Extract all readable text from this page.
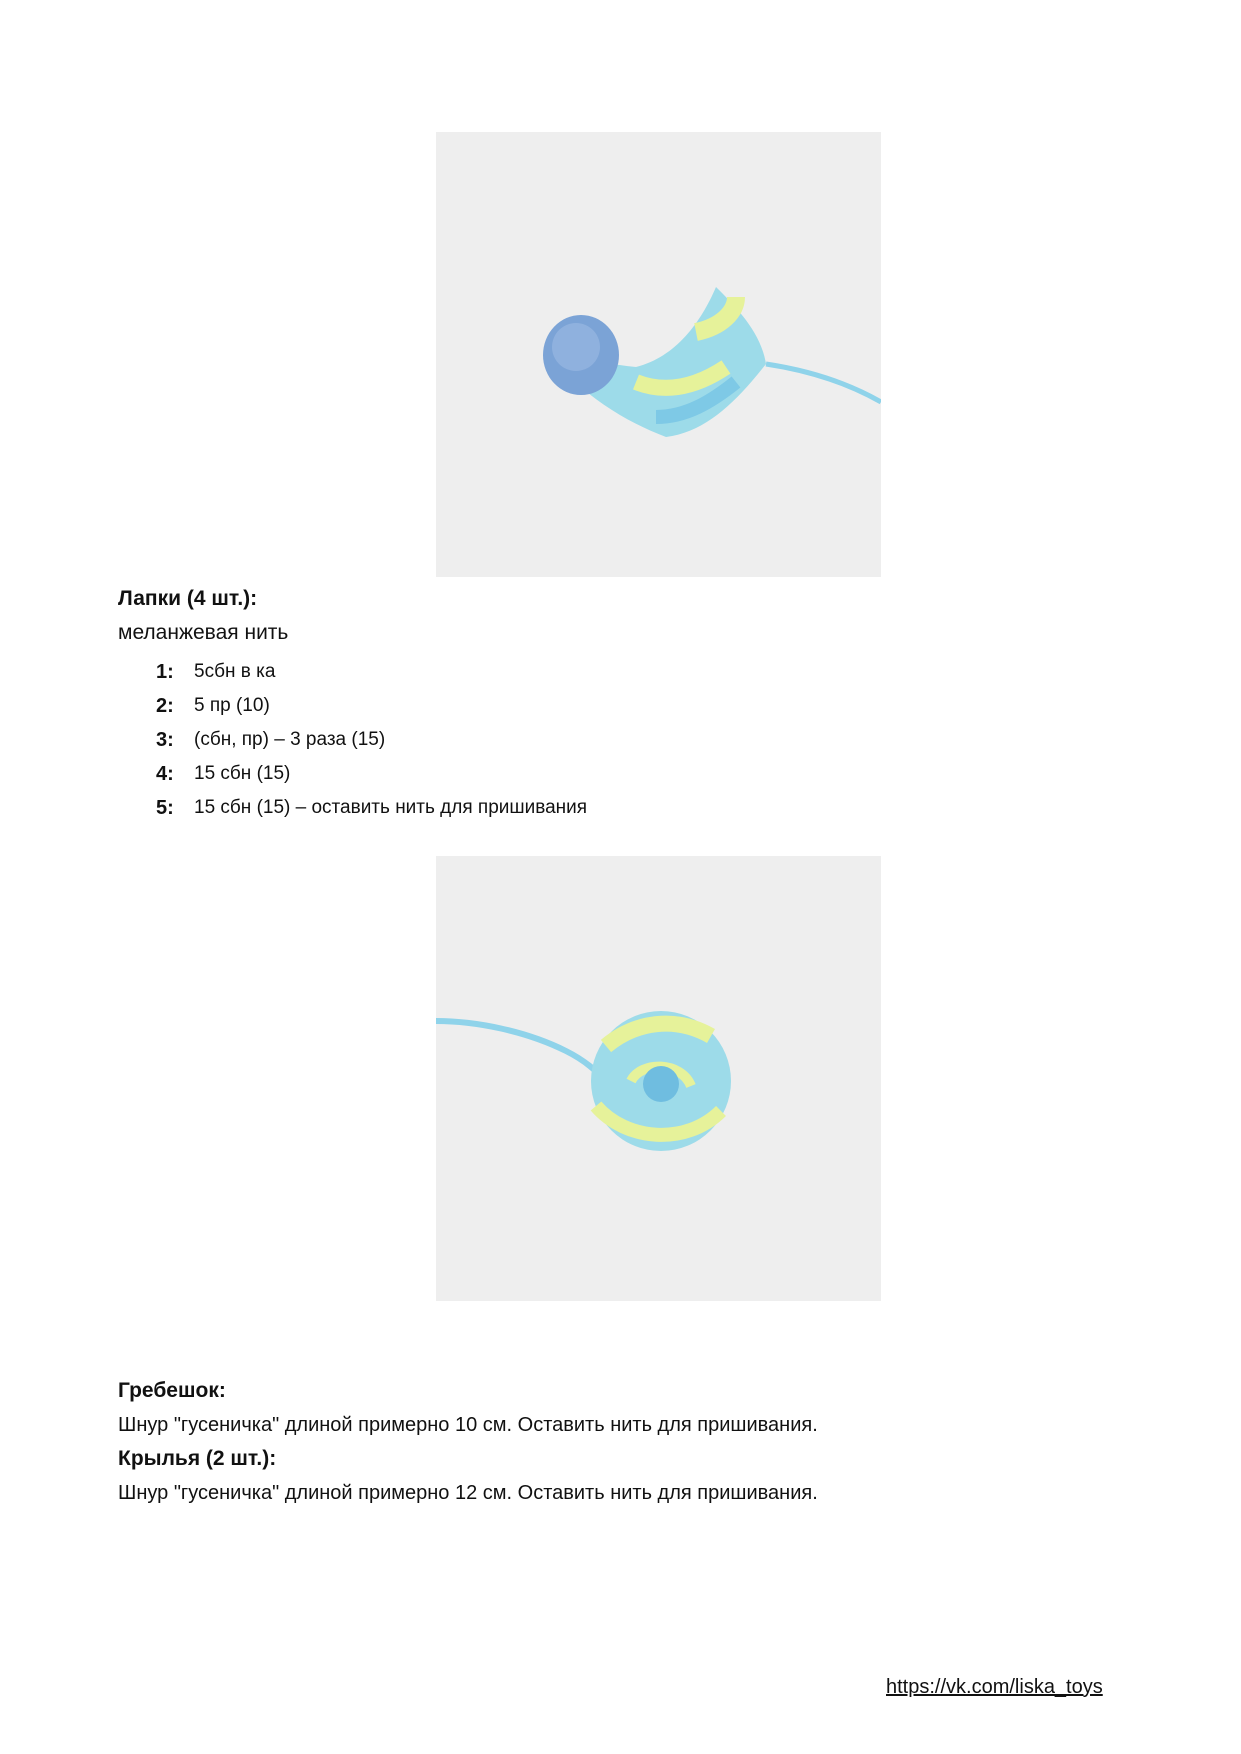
Лапки (4 шт.):
меланжевая нить
1:	5сбн в ка
2:	5 пр (10)
3:	(сбн, пр) – 3 раза (15)
4:	15 сбн (15)
5:	15 сбн (15) – оставить нить для пришивания
Гребешок:
Шнур "гусеничка" длиной примерно 10 см. Оставить нить для пришивания.
Крылья (2 шт.):
Шнур "гусеничка" длиной примерно 12 см. Оставить нить для пришивания.
https://vk.com/liska_toys
